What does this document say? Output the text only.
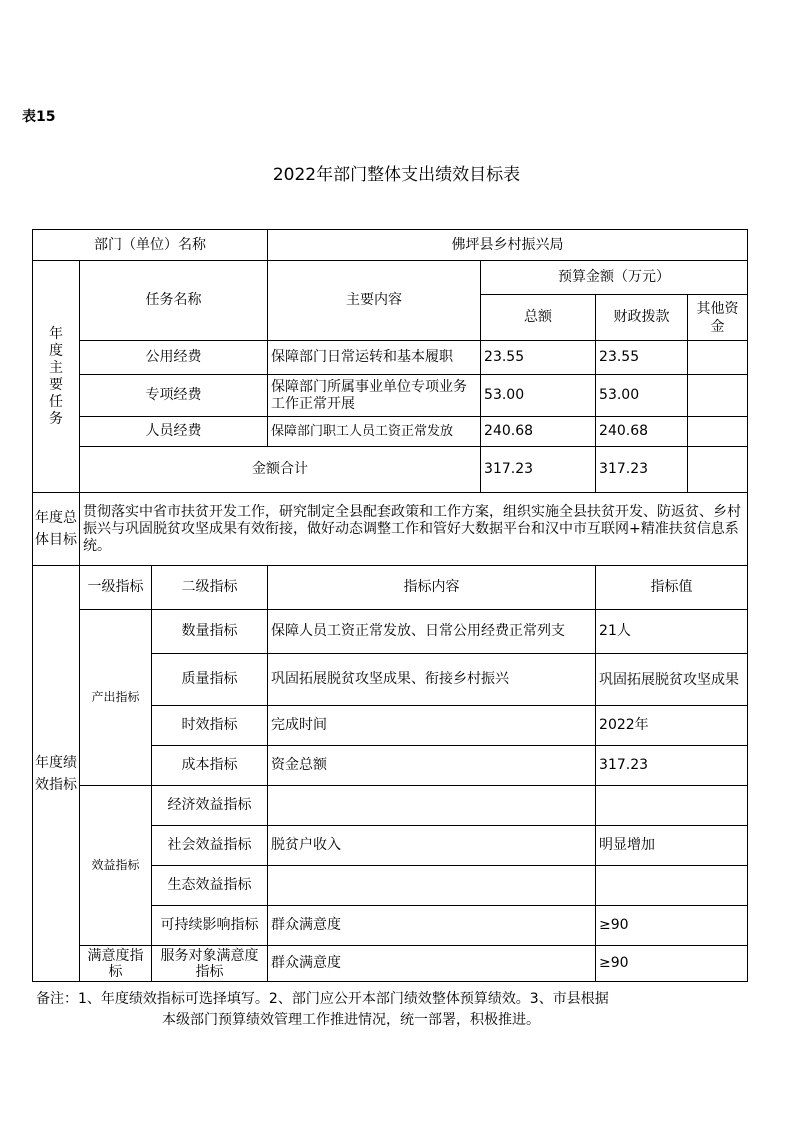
表15
2022年部门整体支出绩效目标表
部门（单位）名称			佛坪县乡村振兴局			
年度主要任务	任务名称		主要内容	预算金额（万元）		
				总额	财政拨款	其他资金
	公用经费		保障部门日常运转和基本履职	23.55	23.55	
	专项经费		保障部门所属事业单位专项业务工作正常开展	53.00	53.00	
	人员经费		保障部门职工人员工资正常发放	240.68	240.68	
	金额合计			317.23	317.23	
年度总体目标	贯彻落实中省市扶贫开发工作，研究制定全县配套政策和工作方案，组织实施全县扶贫开发、防返贫、乡村振兴与巩固脱贫攻坚成果有效衔接，做好动态调整工作和管好大数据平台和汉中市互联网+精准扶贫信息系统。					
年度绩效指标	一级指标	二级指标	指标内容		指标值	
	产出指标	数量指标	保障人员工资正常发放、日常公用经费正常列支		21人	
		质量指标	巩固拓展脱贫攻坚成果、衔接乡村振兴		巩固拓展脱贫攻坚成果	
		时效指标	完成时间		2022年	
		成本指标	资金总额		317.23	
	效益指标	经济效益指标				
		社会效益指标	脱贫户收入		明显增加	
		生态效益指标				
		可持续影响指标	群众满意度		≥90	
	满意度指标	服务对象满意度指标	群众满意度		≥90	
备注：1、年度绩效指标可选择填写。2、部门应公开本部门绩效整体预算绩效。3、市县根据
本级部门预算绩效管理工作推进情况，统一部署，积极推进。
